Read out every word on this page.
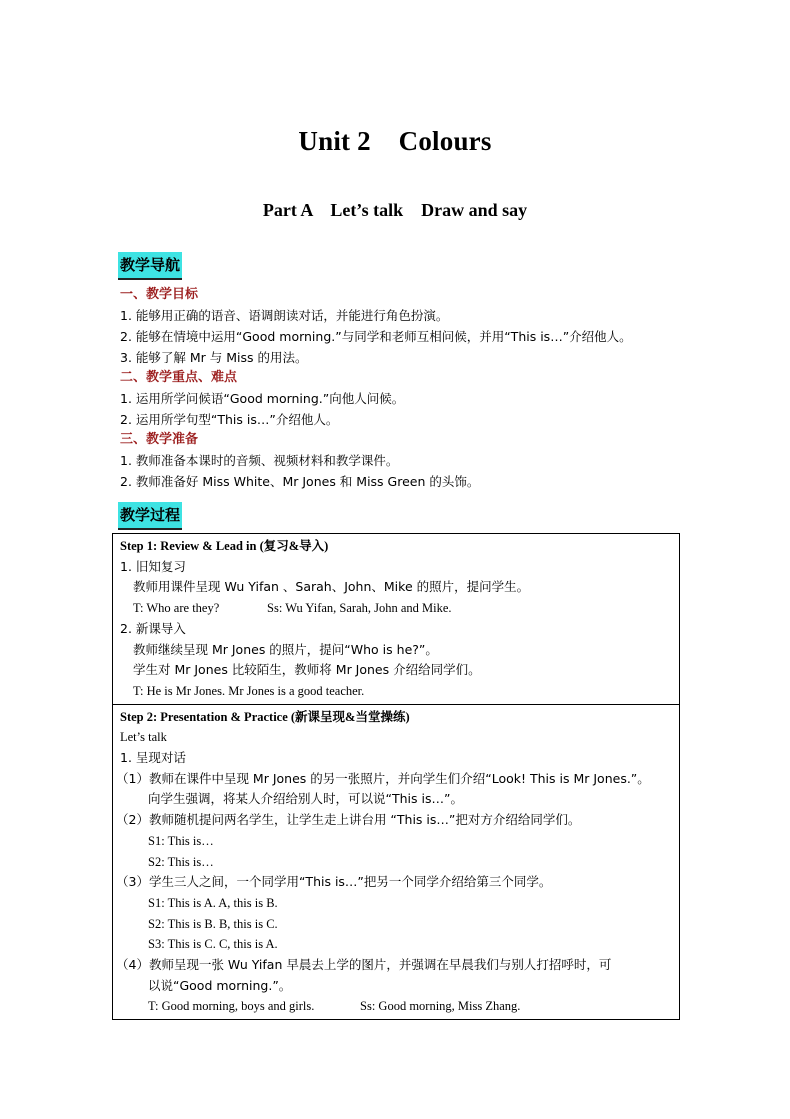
Unit 2    Colours
Part A    Let’s talk    Draw and say
教学导航
一、教学目标
1. 能够用正确的语音、语调朗读对话，并能进行角色扮演。
2. 能够在情境中运用“Good morning.”与同学和老师互相问候，并用“This is…”介绍他人。
3. 能够了解 Mr 与 Miss 的用法。
二、教学重点、难点
1. 运用所学问候语“Good morning.”向他人问候。
2. 运用所学句型“This is…”介绍他人。
三、教学准备
1. 教师准备本课时的音频、视频材料和教学课件。
2. 教师准备好 Miss White、Mr Jones 和 Miss Green 的头饰。
教学过程
Step 1: Review & Lead in (复习&导入)
1. 旧知复习
教师用课件呈现 Wu Yifan 、Sarah、John、Mike 的照片，提问学生。
T: Who are they?	Ss: Wu Yifan, Sarah, John and Mike.
2. 新课导入
教师继续呈现 Mr Jones 的照片，提问“Who is he?”。
学生对 Mr Jones 比较陌生，教师将 Mr Jones 介绍给同学们。
T: He is Mr Jones. Mr Jones is a good teacher.
Step 2: Presentation & Practice (新课呈现&当堂操练)
Let’s talk
1. 呈现对话
（1）教师在课件中呈现 Mr Jones 的另一张照片，并向学生们介绍“Look! This is Mr Jones.”。
向学生强调，将某人介绍给别人时，可以说“This is…”。
（2）教师随机提问两名学生，让学生走上讲台用 “This is…”把对方介绍给同学们。
S1: This is…
S2: This is…
（3）学生三人之间，一个同学用“This is…”把另一个同学介绍给第三个同学。
S1: This is A. A, this is B.
S2: This is B. B, this is C.
S3: This is C. C, this is A.
（4）教师呈现一张 Wu Yifan 早晨去上学的图片，并强调在早晨我们与别人打招呼时，可
以说“Good morning.”。
T: Good morning, boys and girls.	Ss: Good morning, Miss Zhang.
